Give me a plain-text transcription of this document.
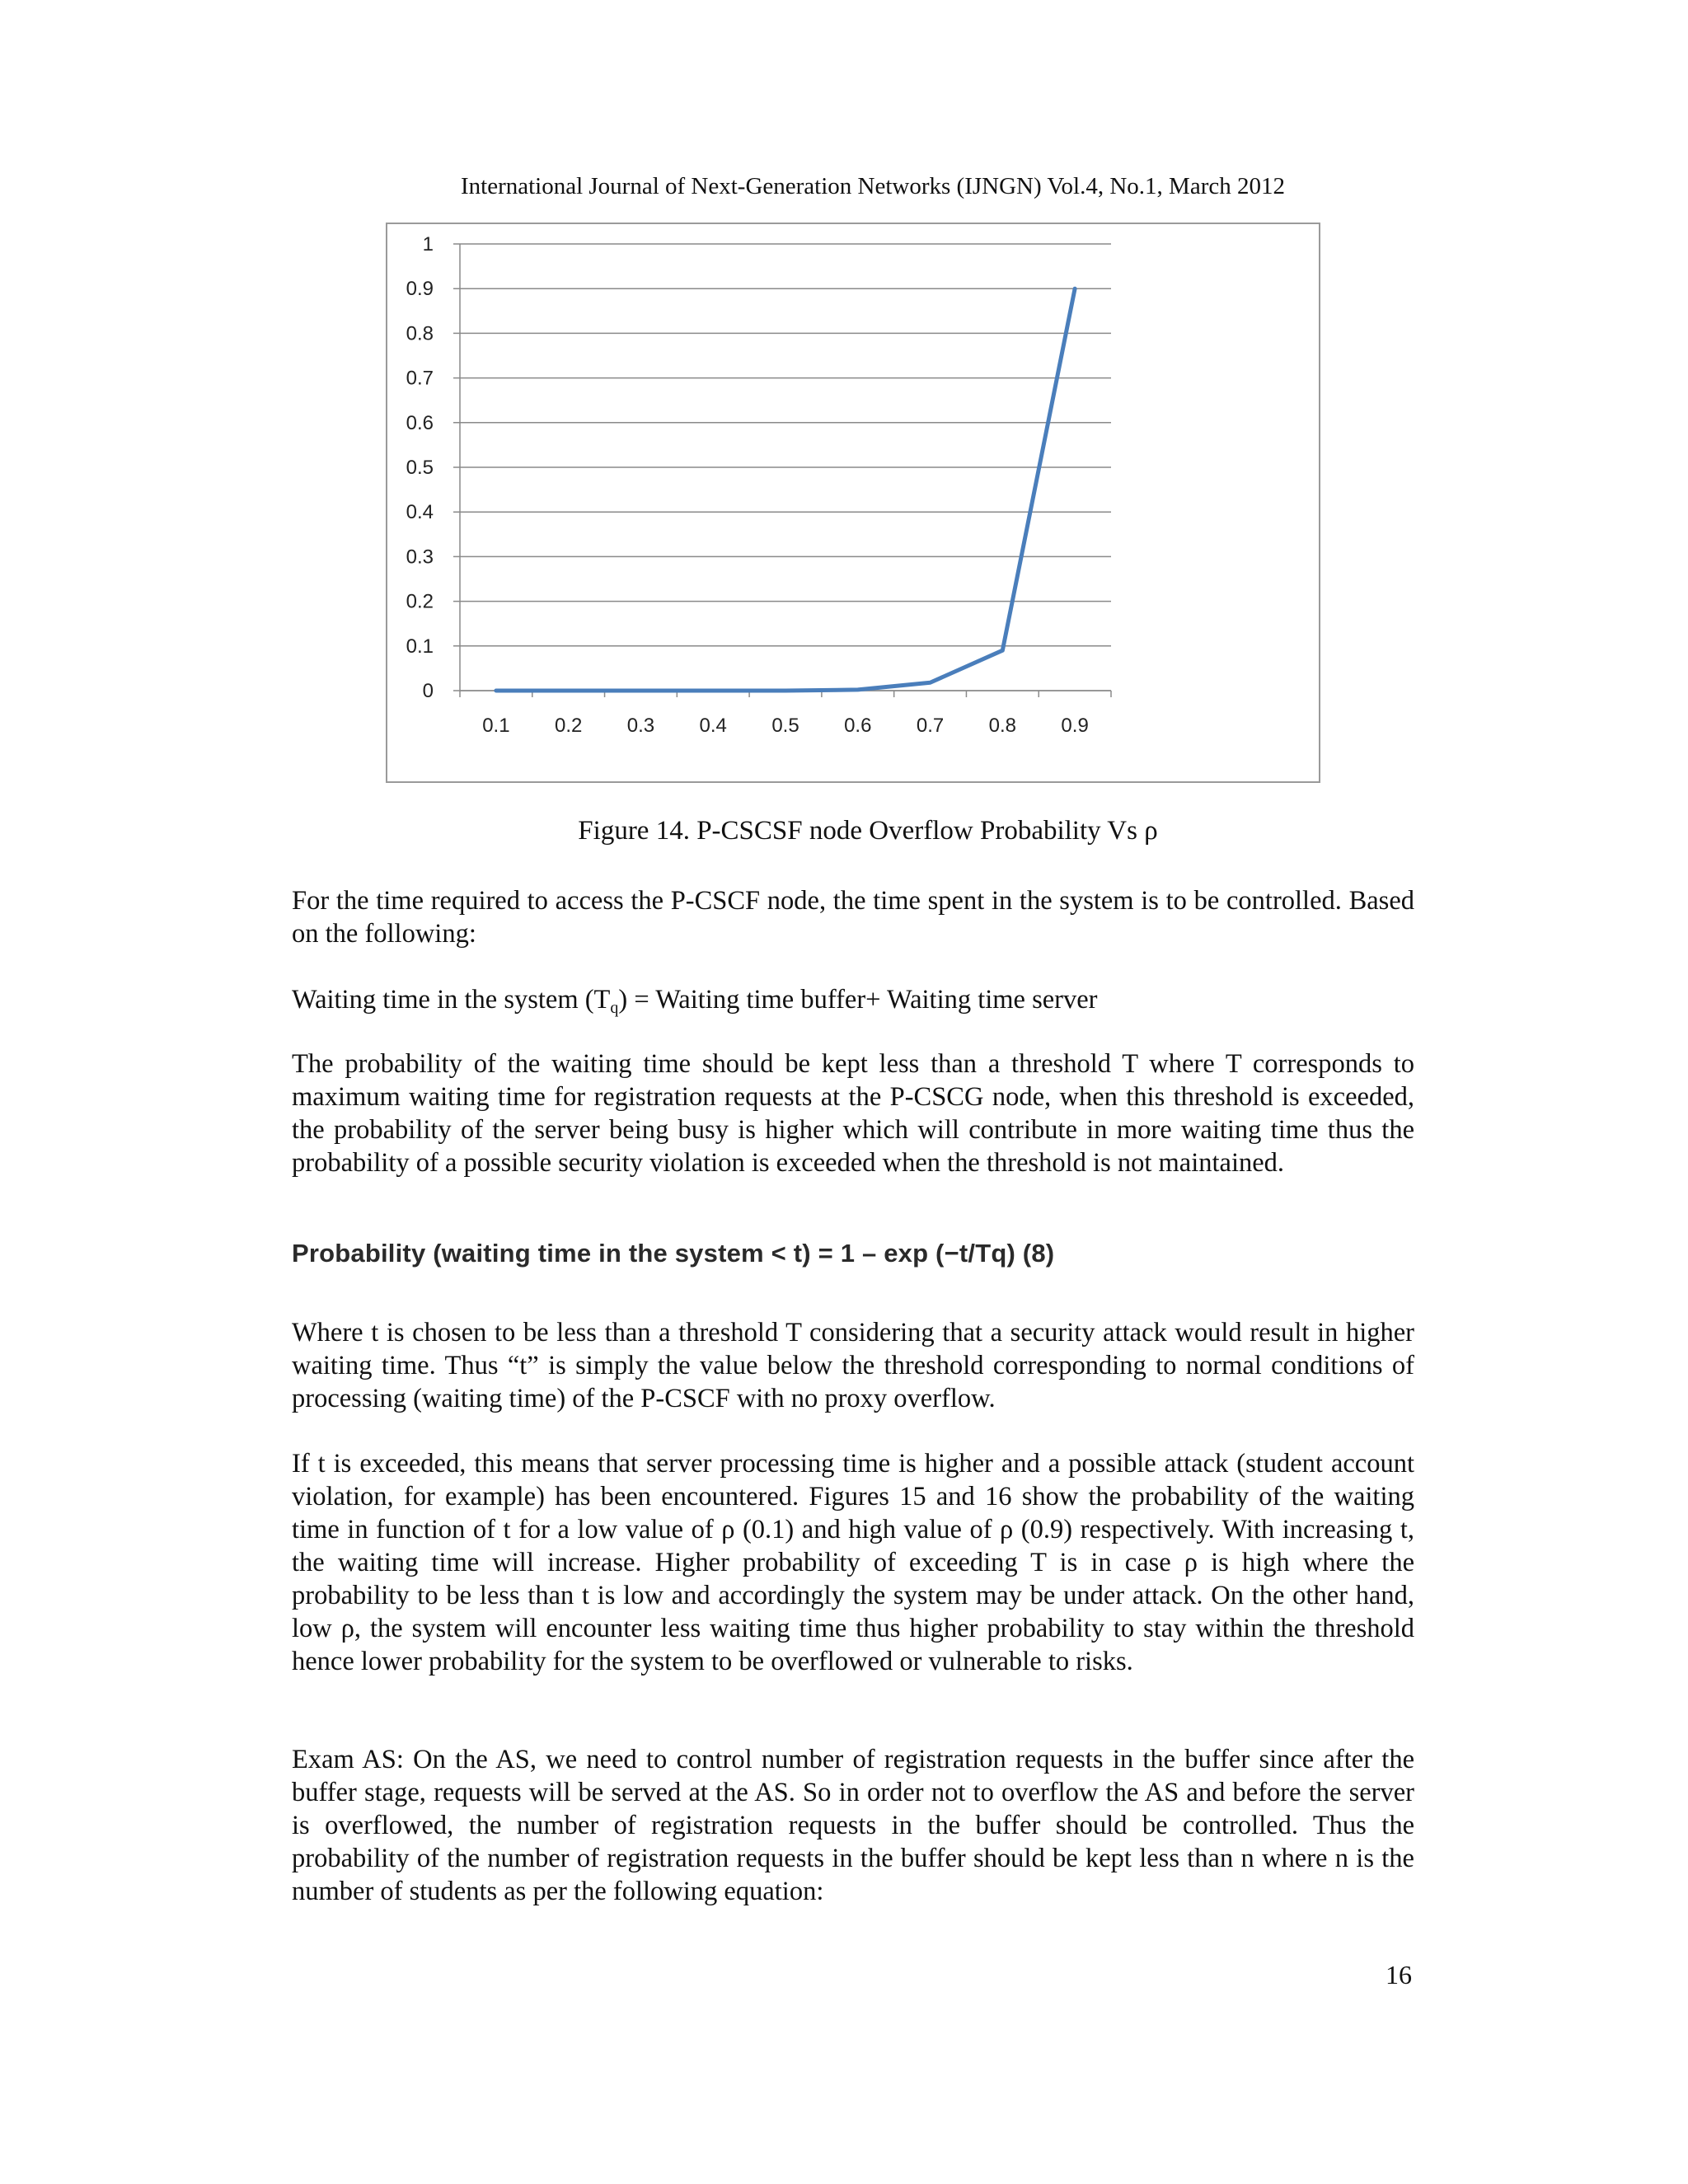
International Journal of Next-Generation Networks (IJNGN) Vol.4, No.1, March 2012
0
0.1
0.2
0.3
0.4
0.5
0.6
0.7
0.8
0.9
1
0.1 0.2 0.3 0.4 0.5 0.6 0.7 0.8 0.9
Figure 14. P-CSCSF node Overflow Probability Vs ρ

For the time required to access the P-CSCF node, the time spent in the system is to be controlled. Based on the following:

Waiting time in the system $(T_q)$ = Waiting time buffer+ Waiting time server

The probability of the waiting time should be kept less than a threshold T where T corresponds to maximum waiting time for registration requests at the P-CSCG node, when this threshold is exceeded, the probability of the server being busy is higher which will contribute in more waiting time thus the probability of a possible security violation is exceeded when the threshold is not maintained.

Probability (waiting time in the system < t) = 1 – exp (−t/Tq) (8)

Where t is chosen to be less than a threshold T considering that a security attack would result in higher waiting time. Thus “t” is simply the value below the threshold corresponding to normal conditions of processing (waiting time) of the P-CSCF with no proxy overflow.

If t is exceeded, this means that server processing time is higher and a possible attack (student account violation, for example) has been encountered. Figures 15 and 16 show the probability of the waiting time in function of t for a low value of ρ (0.1) and high value of ρ (0.9) respectively. With increasing t, the waiting time will increase. Higher probability of exceeding T is in case ρ is high where the probability to be less than t is low and accordingly the system may be under attack. On the other hand, low ρ, the system will encounter less waiting time thus higher probability to stay within the threshold hence lower probability for the system to be overflowed or vulnerable to risks.

Exam AS: On the AS, we need to control number of registration requests in the buffer since after the buffer stage, requests will be served at the AS. So in order not to overflow the AS and before the server is overflowed, the number of registration requests in the buffer should be controlled. Thus the probability of the number of registration requests in the buffer should be kept less than n where n is the number of students as per the following equation:

16
